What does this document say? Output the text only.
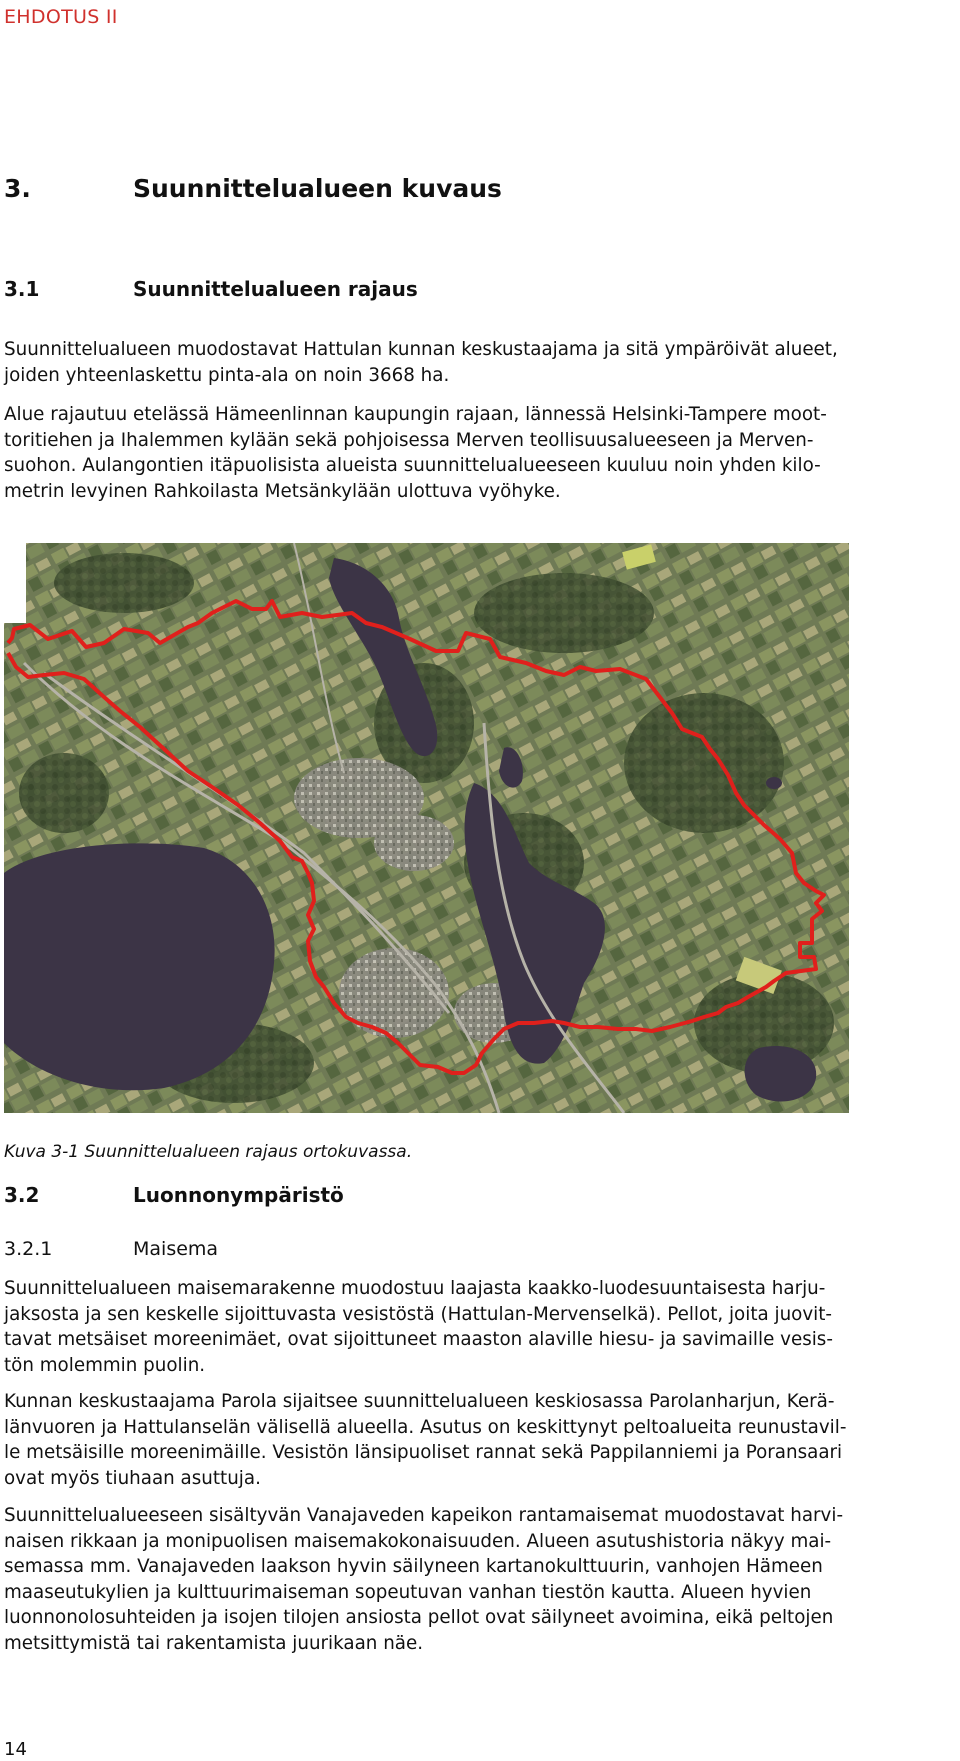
EHDOTUS II
3.	Suunnittelualueen kuvaus
3.1	Suunnittelualueen rajaus

Suunnittelualueen muodostavat Hattulan kunnan keskustaajama ja sitä ympäröivät alueet,
joiden yhteenlaskettu pinta-ala on noin 3668 ha.

Alue rajautuu etelässä Hämeenlinnan kaupungin rajaan, lännessä Helsinki-Tampere moot-
toritiehen ja Ihalemmen kylään sekä pohjoisessa Merven teollisuusalueeseen ja Merven-
suohon. Aulangontien itäpuolisista alueista suunnittelualueeseen kuuluu noin yhden kilo-
metrin levyinen Rahkoilasta Metsänkylään ulottuva vyöhyke.

Kuva 3-1 Suunnittelualueen rajaus ortokuvassa.
3.2	Luonnonympäristö
3.2.1	Maisema

Suunnittelualueen maisemarakenne muodostuu laajasta kaakko-luodesuuntaisesta harju-
jaksosta ja sen keskelle sijoittuvasta vesistöstä (Hattulan-Mervenselkä). Pellot, joita juovit-
tavat metsäiset moreenimäet, ovat sijoittuneet maaston alaville hiesu- ja savimaille vesis-
tön molemmin puolin.

Kunnan keskustaajama Parola sijaitsee suunnittelualueen keskiosassa Parolanharjun, Kerä-
länvuoren ja Hattulanselän välisellä alueella. Asutus on keskittynyt peltoalueita reunustavil-
le metsäisille moreenimäille. Vesistön länsipuoliset rannat sekä Pappilanniemi ja Poransaari
ovat myös tiuhaan asuttuja.

Suunnittelualueeseen sisältyvän Vanajaveden kapeikon rantamaisemat muodostavat harvi-
naisen rikkaan ja monipuolisen maisemakokonaisuuden. Alueen asutushistoria näkyy mai-
semassa mm. Vanajaveden laakson hyvin säilyneen kartanokulttuurin, vanhojen Hämeen
maaseutukylien ja kulttuurimaiseman sopeutuvan vanhan tiestön kautta. Alueen hyvien
luonnonolosuhteiden ja isojen tilojen ansiosta pellot ovat säilyneet avoimina, eikä peltojen
metsittymistä tai rakentamista juurikaan näe.

14
